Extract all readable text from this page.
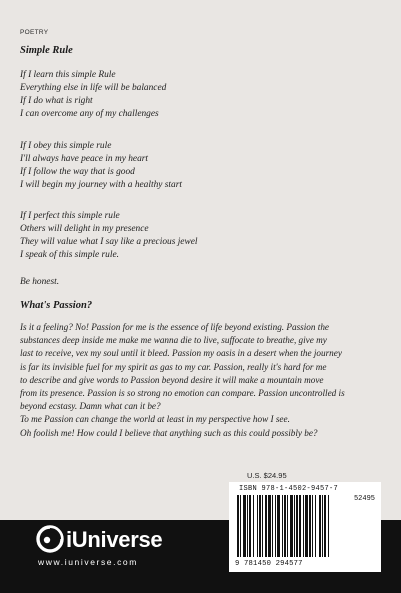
POETRY
Simple Rule
If I learn this simple Rule
Everything else in life will be balanced
If I do what is right
I can overcome any of my challenges
If I obey this simple rule
I'll always have peace in my heart
If I follow the way that is good
I will begin my journey with a healthy start
If I perfect this simple rule
Others will delight in my presence
They will value what I say like a precious jewel
I speak of this simple rule.
Be honest.
What's Passion?
Is it a feeling? No! Passion for me is the essence of life beyond existing. Passion the
substances deep inside me make me wanna die to live, suffocate to breathe, give my
last to receive, vex my soul until it bleed. Passion my oasis in a desert when the journey
is far its invisible fuel for my spirit as gas to my car. Passion, really it's hard for me
to describe and give words to Passion beyond desire it will make a mountain move
from its presence. Passion is so strong no emotion can compare. Passion uncontrolled is
beyond ecstasy. Damn what can it be?
To me Passion can change the world at least in my perspective how I see.
Oh foolish me! How could I believe that anything such as this could possibly be?
U.S. $24.95
ISBN 978-1-4502-9457-7
52495
9 781450 294577
iUniverse
www.iuniverse.com
